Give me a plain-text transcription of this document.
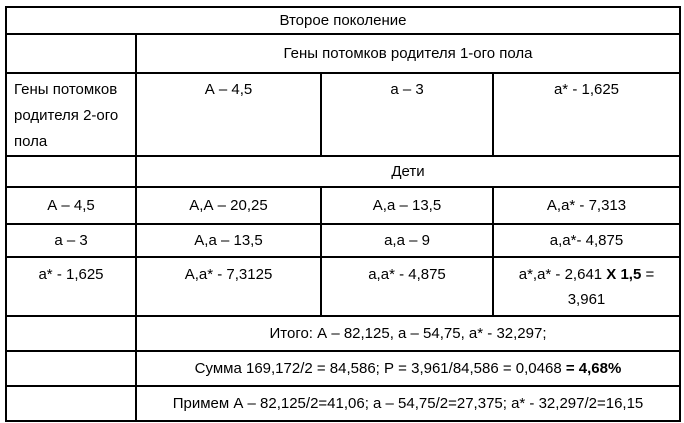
Второе поколение			
	Гены потомков родителя 1-ого пола		
Гены потомков родителя 2-ого пола	А – 4,5	а – 3	а* - 1,625
	Дети		
А – 4,5	А,А – 20,25	А,а – 13,5	А,а* - 7,313
а – 3	А,а – 13,5	а,а – 9	а,а*- 4,875
а* - 1,625	А,а* - 7,3125	а,а* - 4,875	а*,а* - 2,641 Х 1,5 =
3,961
	Итого: А – 82,125, а – 54,75, а* - 32,297;		
	Сумма 169,172/2 = 84,586; Р = 3,961/84,586 = 0,0468 = 4,68%		
	Примем А – 82,125/2=41,06; а – 54,75/2=27,375; а* - 32,297/2=16,15		
